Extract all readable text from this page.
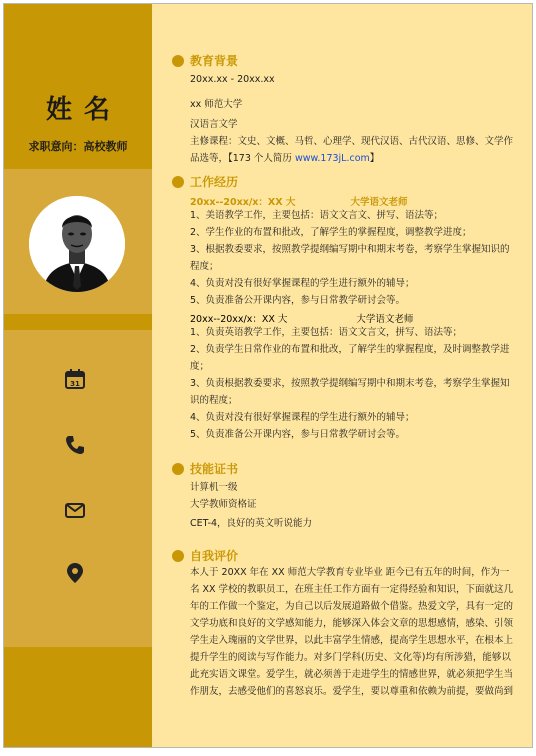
姓名
求职意向：高校教师
31
教育背景
20xx.xx - 20xx.xx
xx 师范大学
汉语言文学
主修课程：文史、文概、马哲、心理学、现代汉语、古代汉语、思修、文学作品选等，【173 个人简历 www.173jL.com】
工作经历
20xx--20xx/x：XX 大	大学语文老师
1、美语教学工作，主要包括：语文文言文、拼写、语法等；
2、学生作业的布置和批改，了解学生的掌握程度，调整教学进度；
3、根据教委要求，按照教学提纲编写期中和期末考卷，考察学生掌握知识的程度；
4、负责对没有很好掌握课程的学生进行额外的辅导；
5、负责准备公开课内容，参与日常教学研讨会等。
20xx--20xx/x：XX 大	大学语文老师
1、负责英语教学工作，主要包括：语文文言文，拼写、语法等；
2、负责学生日常作业的布置和批改，了解学生的掌握程度，及时调整教学进度；
3、负责根据教委要求，按照教学提纲编写期中和期末考卷，考察学生掌握知识的程度；
4、负责对没有很好掌握课程的学生进行额外的辅导；
5、负责准备公开课内容，参与日常教学研讨会等。
技能证书
计算机一级
大学教师资格证
CET-4，良好的英文听说能力
自我评价
本人于 20XX 年在 XX 师范大学教育专业毕业 距今已有五年的时间，作为一名 XX 学校的教职员工，在班主任工作方面有一定得经验和知识，下面就这几年的工作做一个鉴定，为自己以后发展道路做个借鉴。热爱文学，具有一定的文学功底和良好的文学感知能力，能够深入体会文章的思想感情，感染、引领学生走入瑰丽的文学世界，以此丰富学生情感，提高学生思想水平，在根本上提升学生的阅读与写作能力。对多门学科(历史、文化等)均有所涉猎，能够以此充实语文课堂。爱学生，就必须善于走进学生的情感世界，就必须把学生当作朋友，去感受他们的喜怒哀乐。爱学生，要以尊重和依赖为前提，要做尚到
